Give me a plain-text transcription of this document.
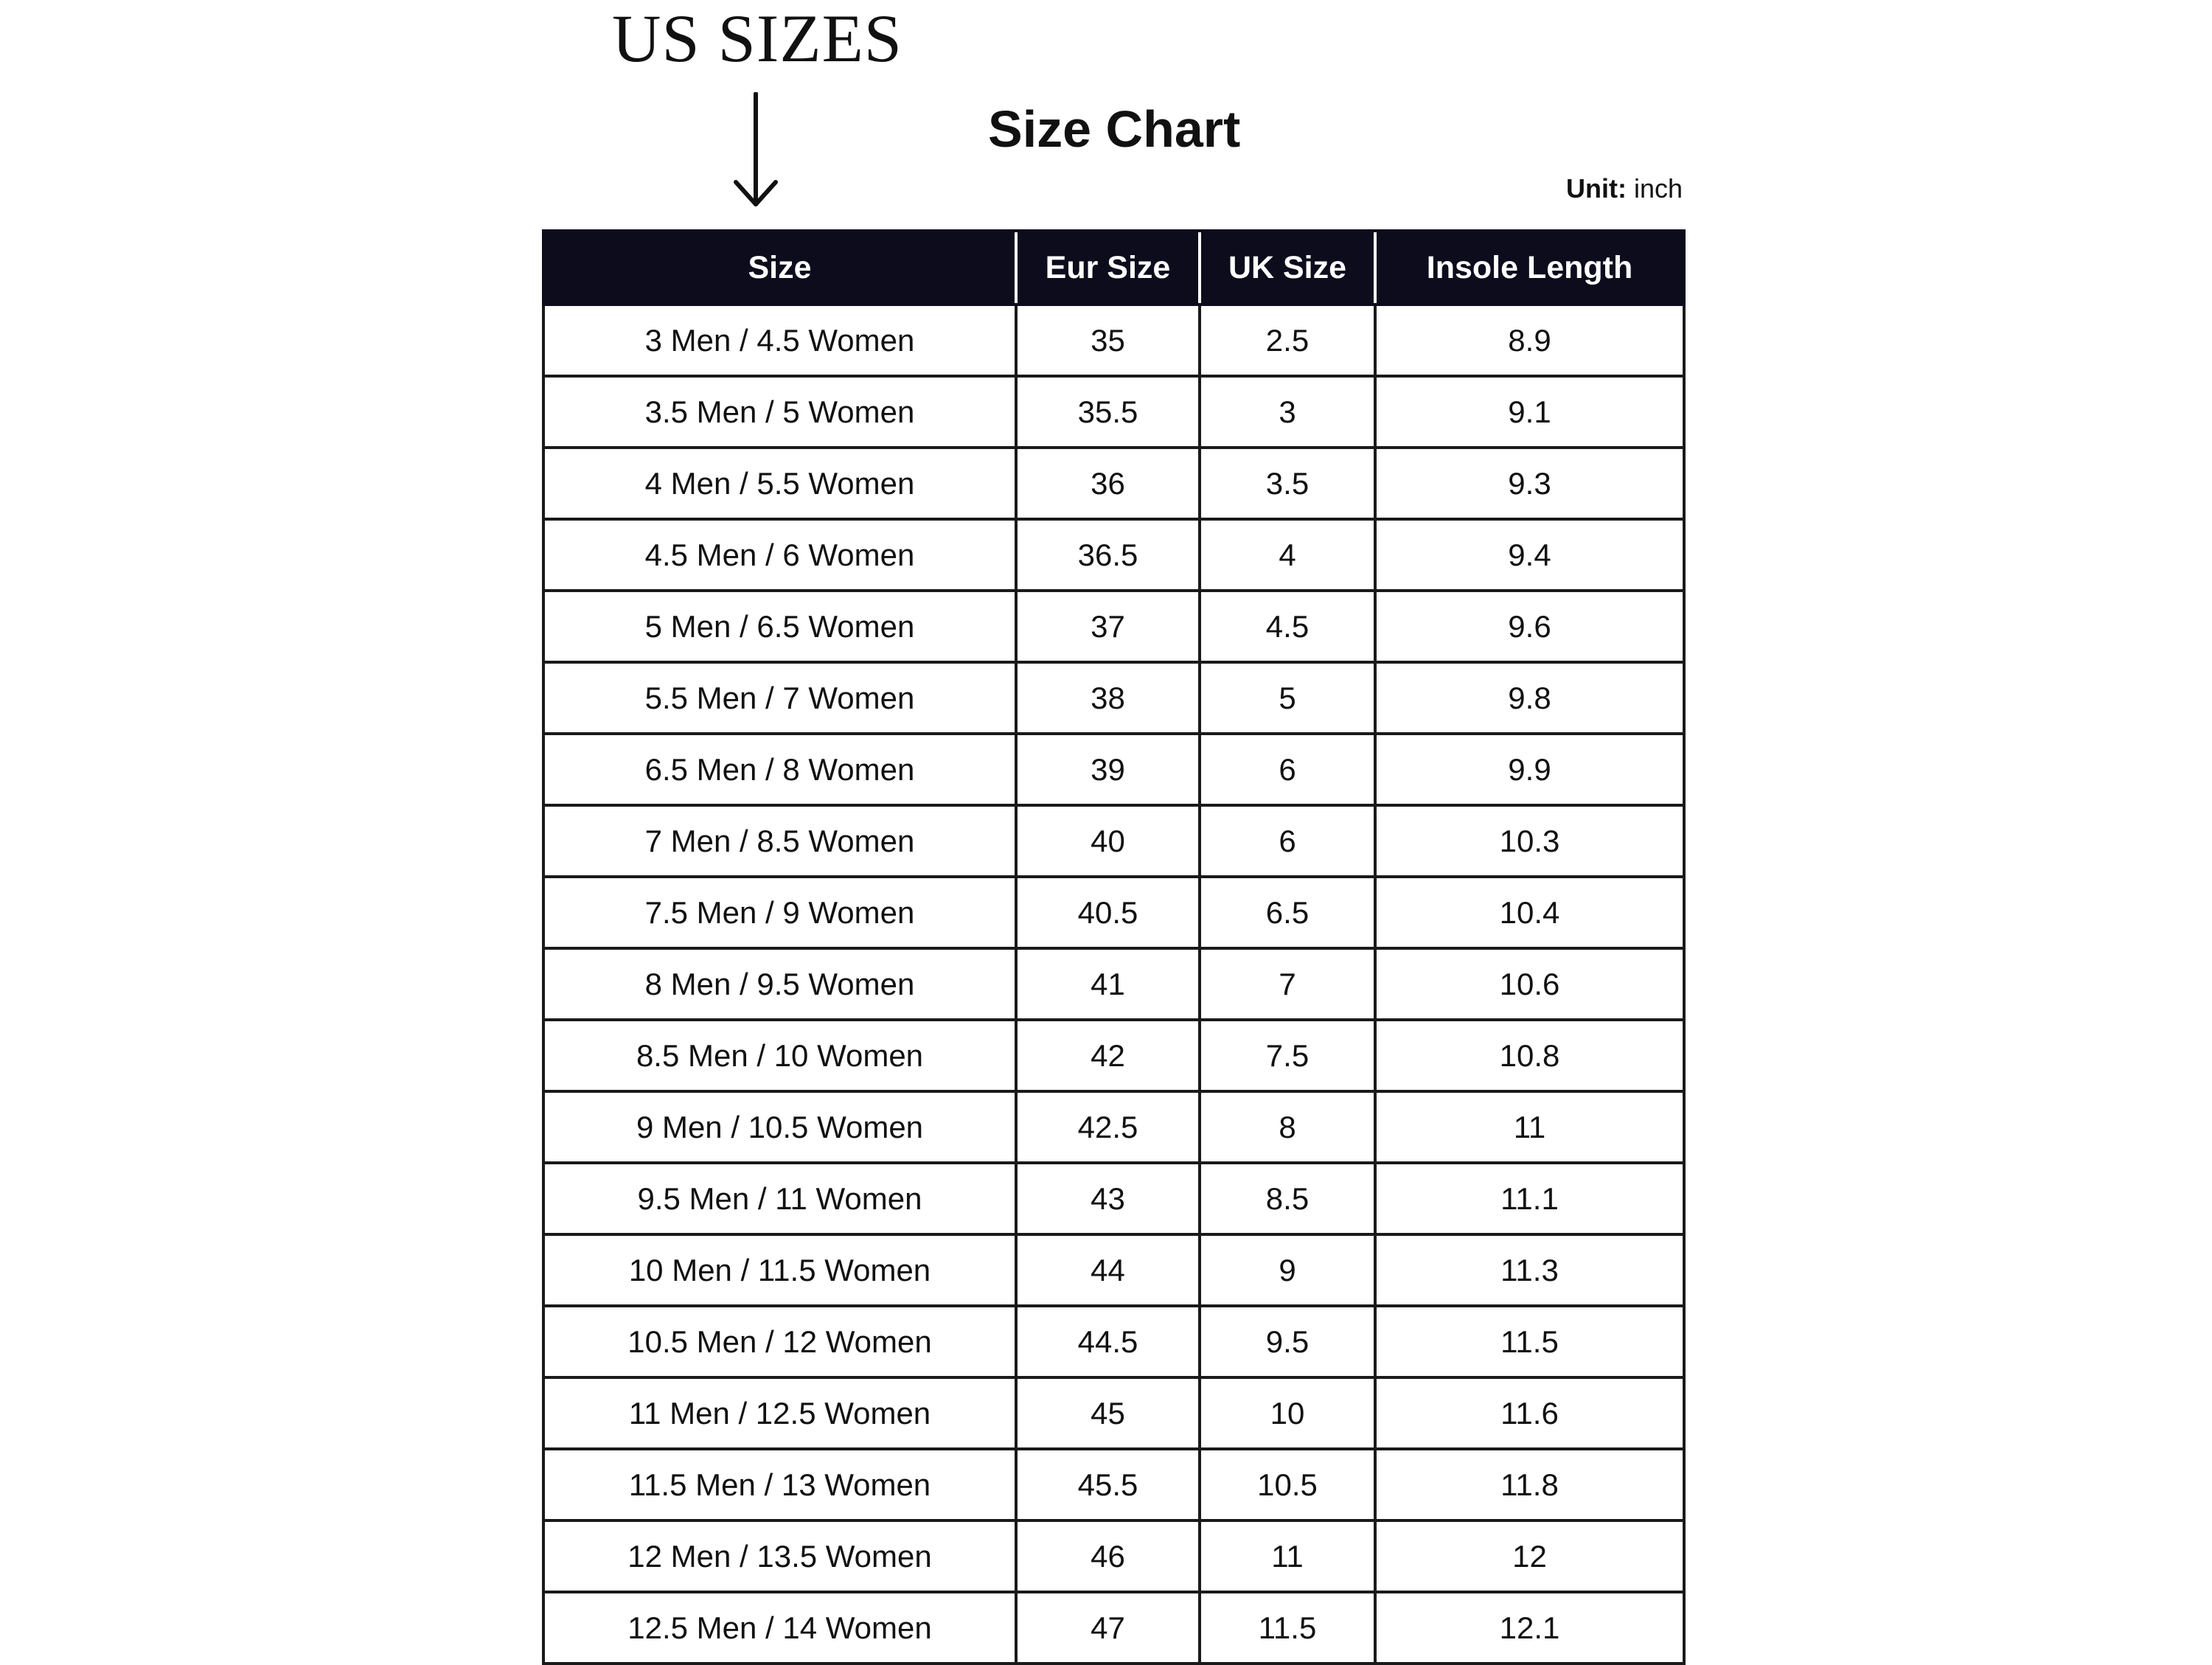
US SIZES
Size Chart
Unit: inch
Size	Eur Size	UK Size	Insole Length
3 Men / 4.5 Women	35	2.5	8.9
3.5 Men / 5 Women	35.5	3	9.1
4 Men / 5.5 Women	36	3.5	9.3
4.5 Men / 6 Women	36.5	4	9.4
5 Men / 6.5 Women	37	4.5	9.6
5.5 Men / 7 Women	38	5	9.8
6.5 Men / 8 Women	39	6	9.9
7 Men / 8.5 Women	40	6	10.3
7.5 Men / 9 Women	40.5	6.5	10.4
8 Men / 9.5 Women	41	7	10.6
8.5 Men / 10 Women	42	7.5	10.8
9 Men / 10.5 Women	42.5	8	11
9.5 Men / 11 Women	43	8.5	11.1
10 Men / 11.5 Women	44	9	11.3
10.5 Men / 12 Women	44.5	9.5	11.5
11 Men / 12.5 Women	45	10	11.6
11.5 Men / 13 Women	45.5	10.5	11.8
12 Men / 13.5 Women	46	11	12
12.5 Men / 14 Women	47	11.5	12.1
